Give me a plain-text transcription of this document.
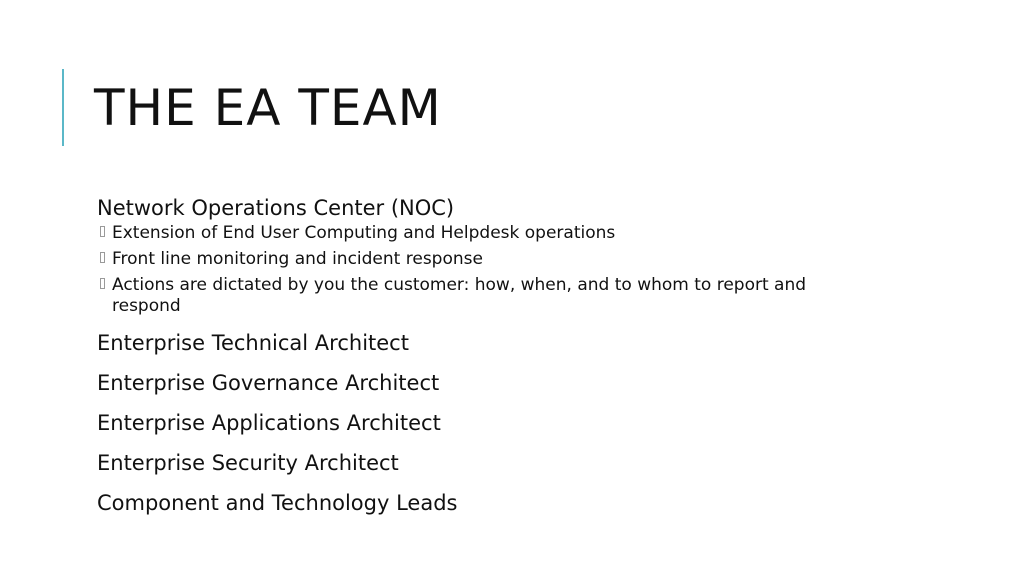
THE EA TEAM
Network Operations Center (NOC)
Extension of End User Computing and Helpdesk operations
Front line monitoring and incident response
Actions are dictated by you the customer: how, when, and to whom to report and respond
Enterprise Technical Architect
Enterprise Governance Architect
Enterprise Applications Architect
Enterprise Security Architect
Component and Technology Leads
